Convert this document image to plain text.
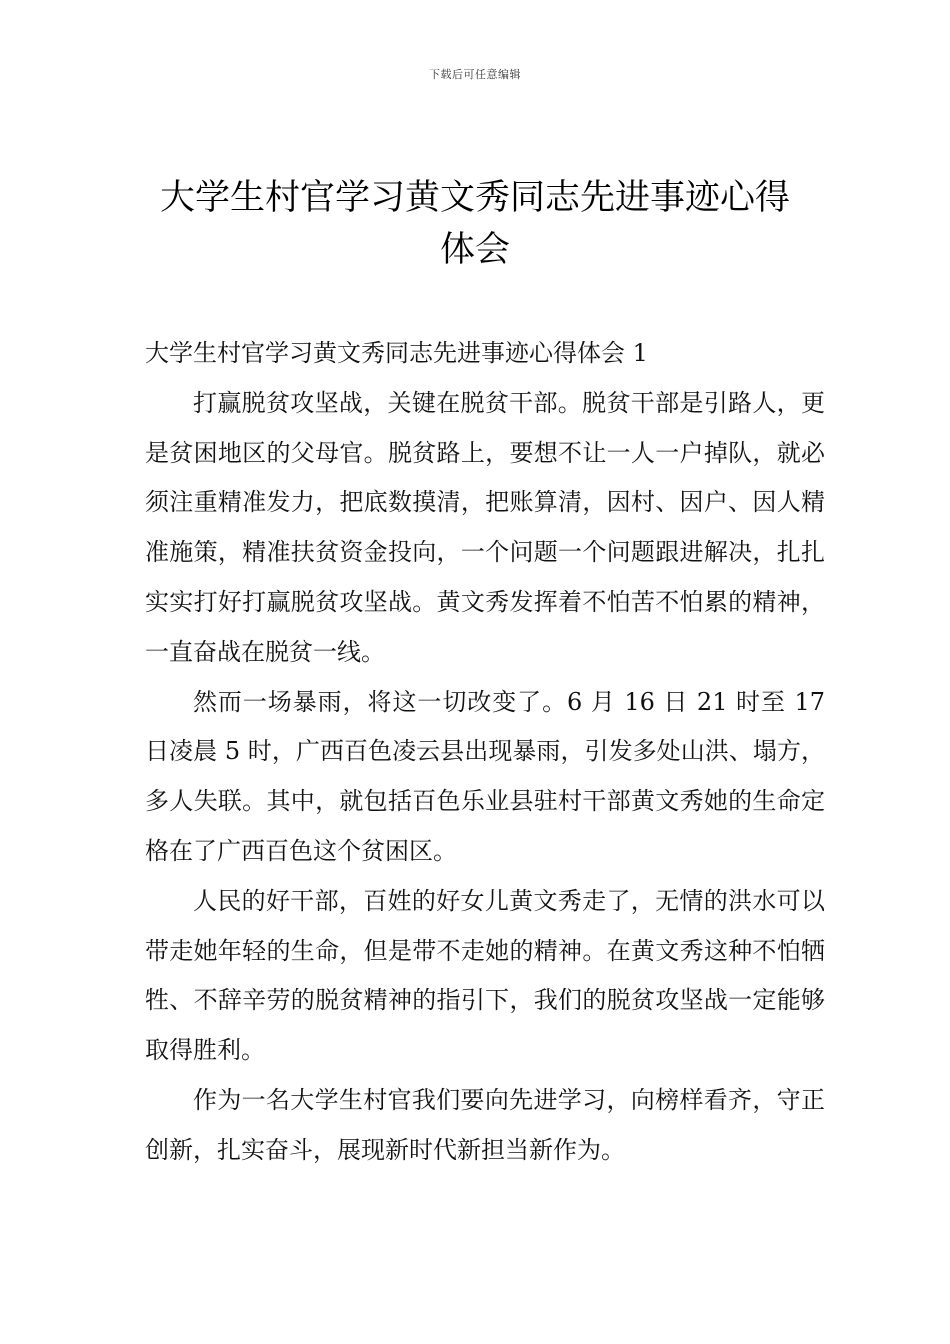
下载后可任意编辑
大学生村官学习黄文秀同志先进事迹心得
体会

大学生村官学习黄文秀同志先进事迹心得体会 1

打赢脱贫攻坚战，关键在脱贫干部。脱贫干部是引路人，更是贫困地区的父母官。脱贫路上，要想不让一人一户掉队，就必须注重精准发力，把底数摸清，把账算清，因村、因户、因人精准施策，精准扶贫资金投向，一个问题一个问题跟进解决，扎扎实实打好打赢脱贫攻坚战。黄文秀发挥着不怕苦不怕累的精神，一直奋战在脱贫一线。

然而一场暴雨，将这一切改变了。6 月 16 日 21 时至 17 日凌晨 5 时，广西百色凌云县出现暴雨，引发多处山洪、塌方，多人失联。其中，就包括百色乐业县驻村干部黄文秀她的生命定格在了广西百色这个贫困区。

人民的好干部，百姓的好女儿黄文秀走了，无情的洪水可以带走她年轻的生命，但是带不走她的精神。在黄文秀这种不怕牺牲、不辞辛劳的脱贫精神的指引下，我们的脱贫攻坚战一定能够取得胜利。

作为一名大学生村官我们要向先进学习，向榜样看齐，守正创新，扎实奋斗，展现新时代新担当新作为。
